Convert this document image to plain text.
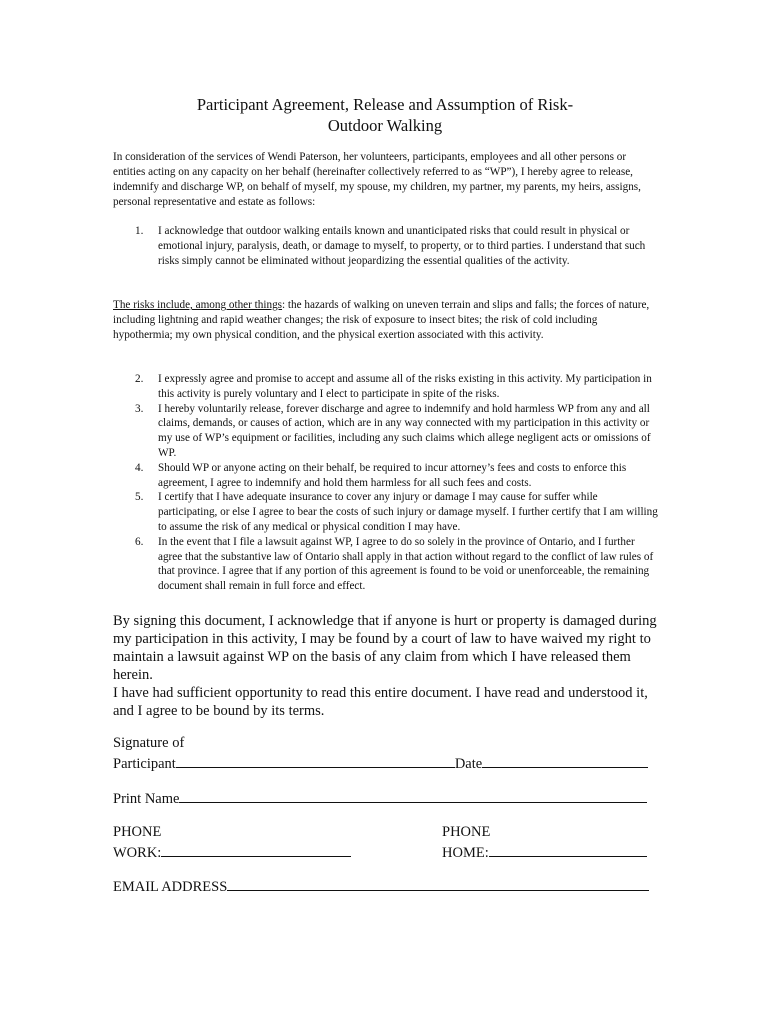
Participant Agreement, Release and Assumption of Risk-
Outdoor Walking
In consideration of the services of Wendi Paterson, her volunteers, participants, employees and all other persons or entities acting on any capacity on her behalf (hereinafter collectively referred to as “WP”), I hereby agree to release, indemnify and discharge WP, on behalf of myself, my spouse, my children, my partner, my parents, my heirs, assigns, personal representative and estate as follows:
1. I acknowledge that outdoor walking entails known and unanticipated risks that could result in physical or emotional injury, paralysis, death, or damage to myself, to property, or to third parties. I understand that such risks simply cannot be eliminated without jeopardizing the essential qualities of the activity.
The risks include, among other things: the hazards of walking on uneven terrain and slips and falls; the forces of nature, including lightning and rapid weather changes; the risk of exposure to insect bites; the risk of cold including hypothermia; my own physical condition, and the physical exertion associated with this activity.
2. I expressly agree and promise to accept and assume all of the risks existing in this activity. My participation in this activity is purely voluntary and I elect to participate in spite of the risks.
3. I hereby voluntarily release, forever discharge and agree to indemnify and hold harmless WP from any and all claims, demands, or causes of action, which are in any way connected with my participation in this activity or my use of WP’s equipment or facilities, including any such claims which allege negligent acts or omissions of WP.
4. Should WP or anyone acting on their behalf, be required to incur attorney’s fees and costs to enforce this agreement, I agree to indemnify and hold them harmless for all such fees and costs.
5. I certify that I have adequate insurance to cover any injury or damage I may cause for suffer while participating, or else I agree to bear the costs of such injury or damage myself. I further certify that I am willing to assume the risk of any medical or physical condition I may have.
6. In the event that I file a lawsuit against WP, I agree to do so solely in the province of Ontario, and I further agree that the substantive law of Ontario shall apply in that action without regard to the conflict of law rules of that province. I agree that if any portion of this agreement is found to be void or unenforceable, the remaining document shall remain in full force and effect.

By signing this document, I acknowledge that if anyone is hurt or property is damaged during my participation in this activity, I may be found by a court of law to have waived my right to maintain a lawsuit against WP on the basis of any claim from which I have released them herein.

I have had sufficient opportunity to read this entire document. I have read and understood it, and I agree to be bound by its terms.

Signature of
Participant	Date
Print Name
PHONE
WORK:
PHONE
HOME:
EMAIL ADDRESS
